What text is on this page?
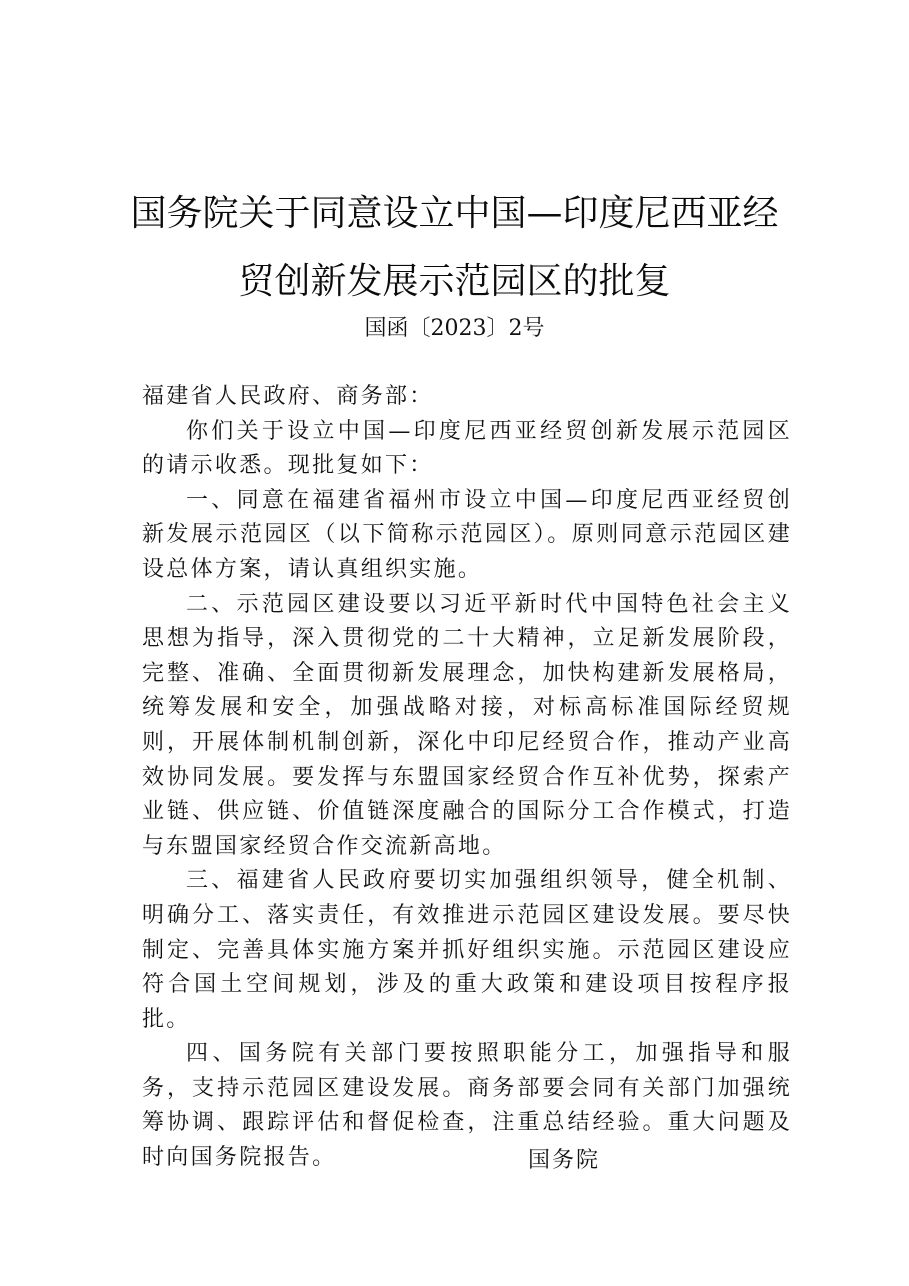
国务院关于同意设立中国—印度尼西亚经
贸创新发展示范园区的批复
国函〔2023〕2号

福建省人民政府、商务部：

你们关于设立中国—印度尼西亚经贸创新发展示范园区的请示收悉。现批复如下：

一、同意在福建省福州市设立中国—印度尼西亚经贸创新发展示范园区（以下简称示范园区）。原则同意示范园区建设总体方案，请认真组织实施。

二、示范园区建设要以习近平新时代中国特色社会主义思想为指导，深入贯彻党的二十大精神，立足新发展阶段，完整、准确、全面贯彻新发展理念，加快构建新发展格局，统筹发展和安全，加强战略对接，对标高标准国际经贸规则，开展体制机制创新，深化中印尼经贸合作，推动产业高效协同发展。要发挥与东盟国家经贸合作互补优势，探索产业链、供应链、价值链深度融合的国际分工合作模式，打造与东盟国家经贸合作交流新高地。

三、福建省人民政府要切实加强组织领导，健全机制、明确分工、落实责任，有效推进示范园区建设发展。要尽快制定、完善具体实施方案并抓好组织实施。示范园区建设应符合国土空间规划，涉及的重大政策和建设项目按程序报批。

四、国务院有关部门要按照职能分工，加强指导和服务，支持示范园区建设发展。商务部要会同有关部门加强统筹协调、跟踪评估和督促检查，注重总结经验。重大问题及时向国务院报告。	国务院
